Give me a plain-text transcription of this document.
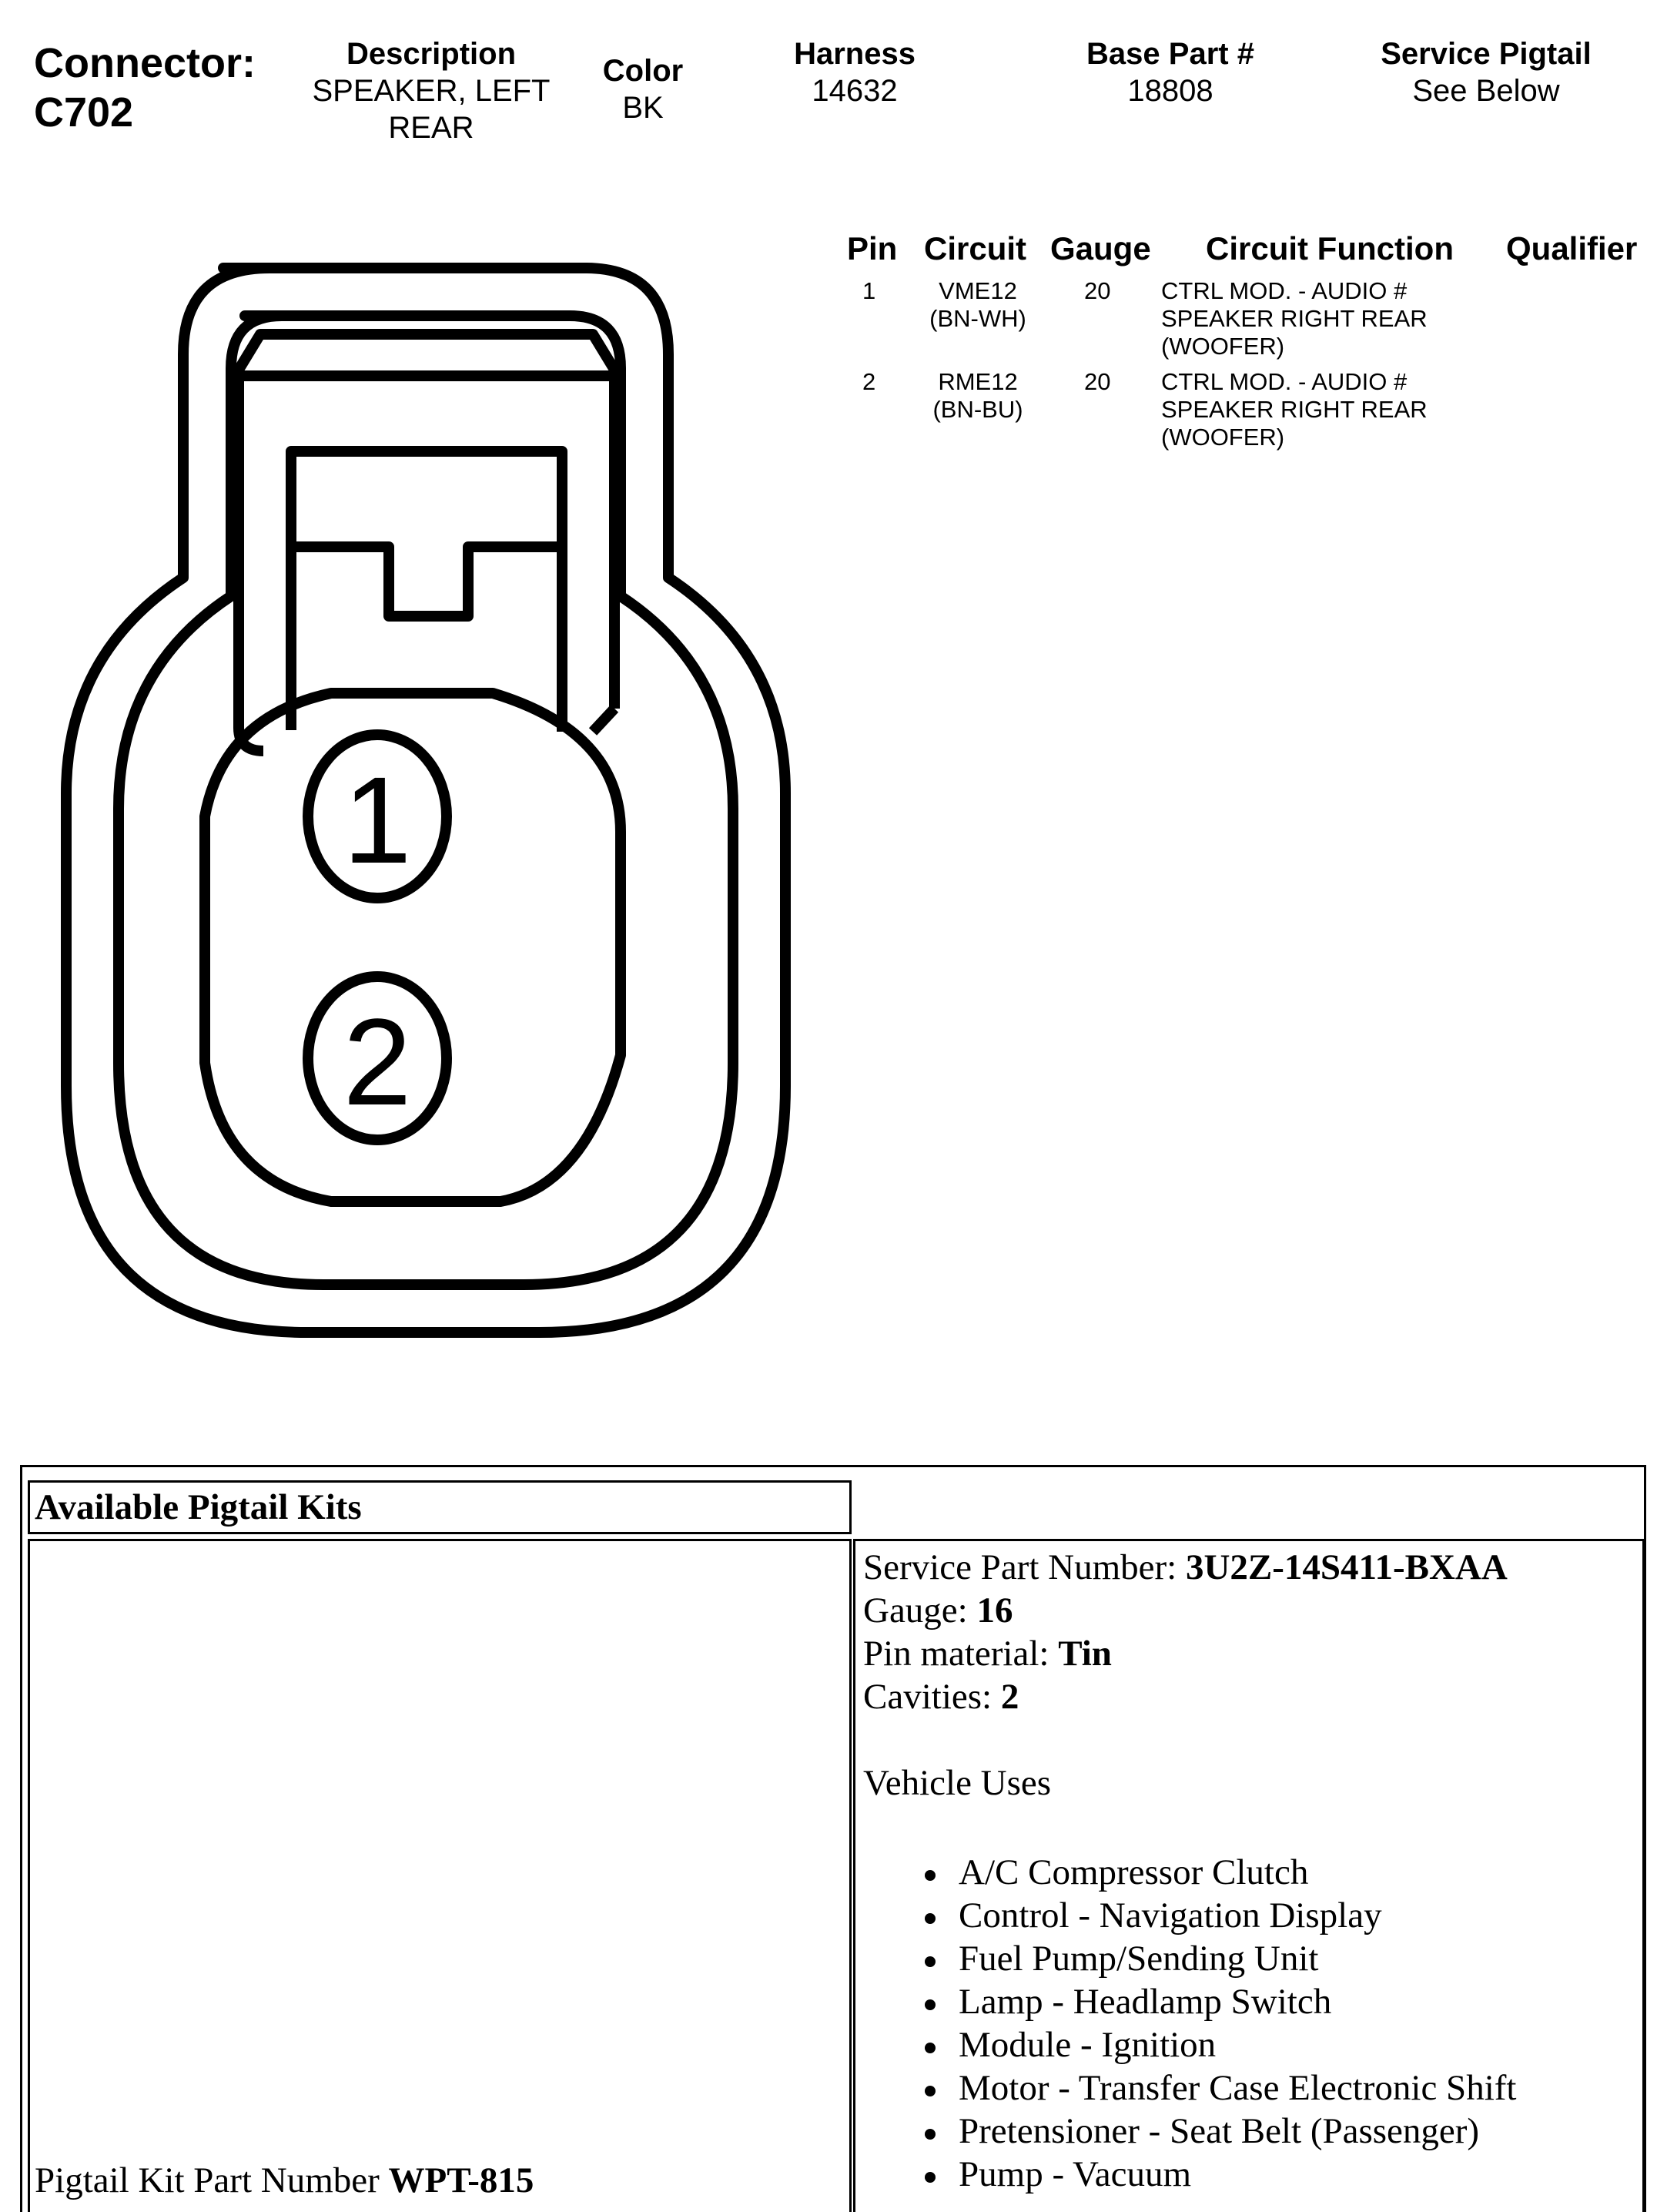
Connector:
C702
Description
SPEAKER, LEFT
REAR
Color
BK
Harness
14632
Base Part #
18808
Service Pigtail
See Below
Pin Circuit Gauge Circuit Function Qualifier
1	VME12
(BN-WH)
20 CTRL MOD. - AUDIO #
SPEAKER RIGHT REAR
(WOOFER)
2	RME12
(BN-BU)
20 CTRL MOD. - AUDIO #
SPEAKER RIGHT REAR
(WOOFER)
1
2
Available Pigtail Kits
Pigtail Kit Part Number WPT-815
Service Part Number: 3U2Z-14S411-BXAA
Gauge: 16
Pin material: Tin
Cavities: 2
Vehicle Uses
A/C Compressor Clutch
Control - Navigation Display
Fuel Pump/Sending Unit
Lamp - Headlamp Switch
Module - Ignition
Motor - Transfer Case Electronic Shift
Pretensioner - Seat Belt (Passenger)
Pump - Vacuum
